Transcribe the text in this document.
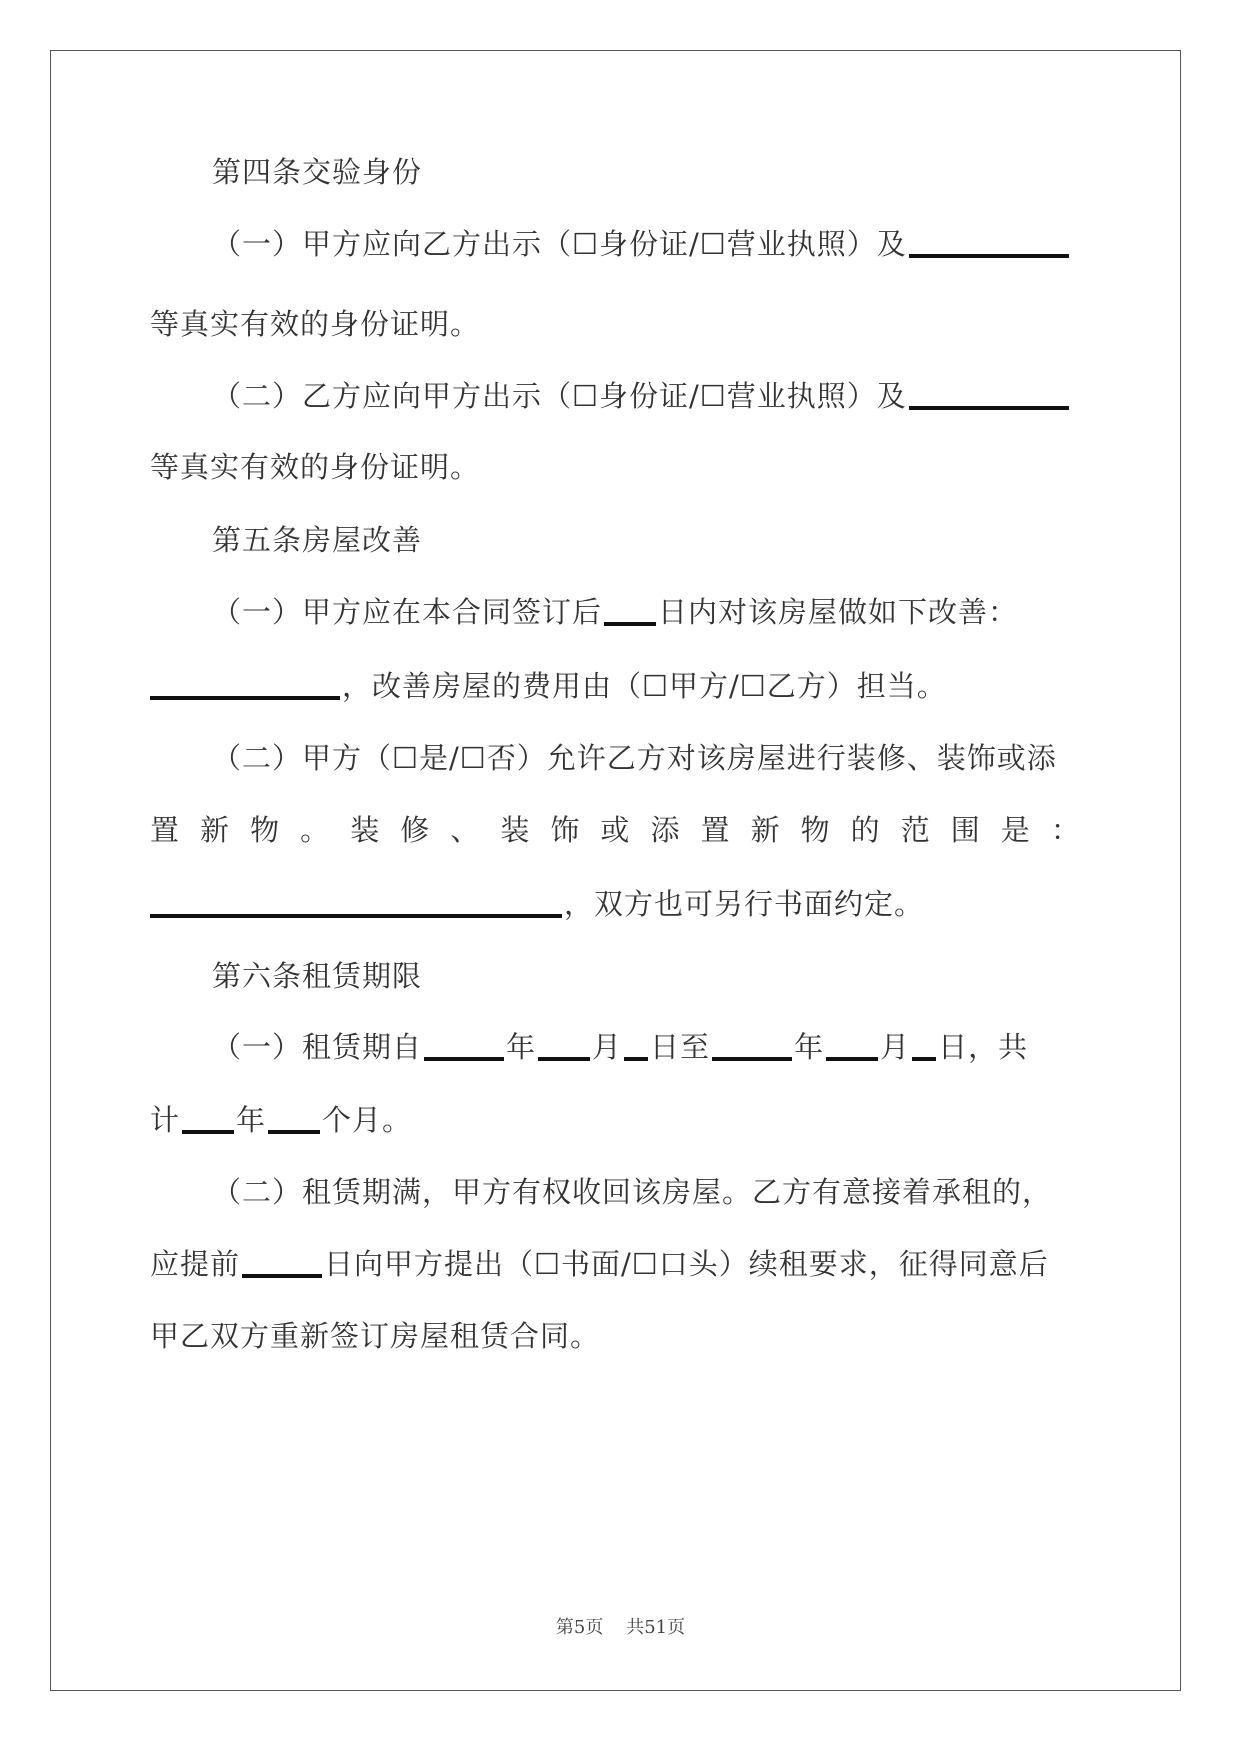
第四条交验身份
（一）甲方应向乙方出示（☐身份证/☐营业执照）及
等真实有效的身份证明。
（二）乙方应向甲方出示（☐身份证/☐营业执照）及
等真实有效的身份证明。
第五条房屋改善
（一）甲方应在本合同签订后 日内对该房屋做如下改善：
，改善房屋的费用由（☐甲方/☐乙方）担当。
（二）甲方（☐是/☐否）允许乙方对该房屋进行装修、装饰或添
置 新 物 。 装 修 、 装 饰 或 添 置 新 物 的 范 围 是 ：
，双方也可另行书面约定。
第六条租赁期限
（一）租赁期自	年 月 日至	年 月 日，共
计 年 个月。
（二）租赁期满，甲方有权收回该房屋。乙方有意接着承租的，
应提前	日向甲方提出（☐书面/☐口头）续租要求，征得同意后
甲乙双方重新签订房屋租赁合同。
第5页 共51页
